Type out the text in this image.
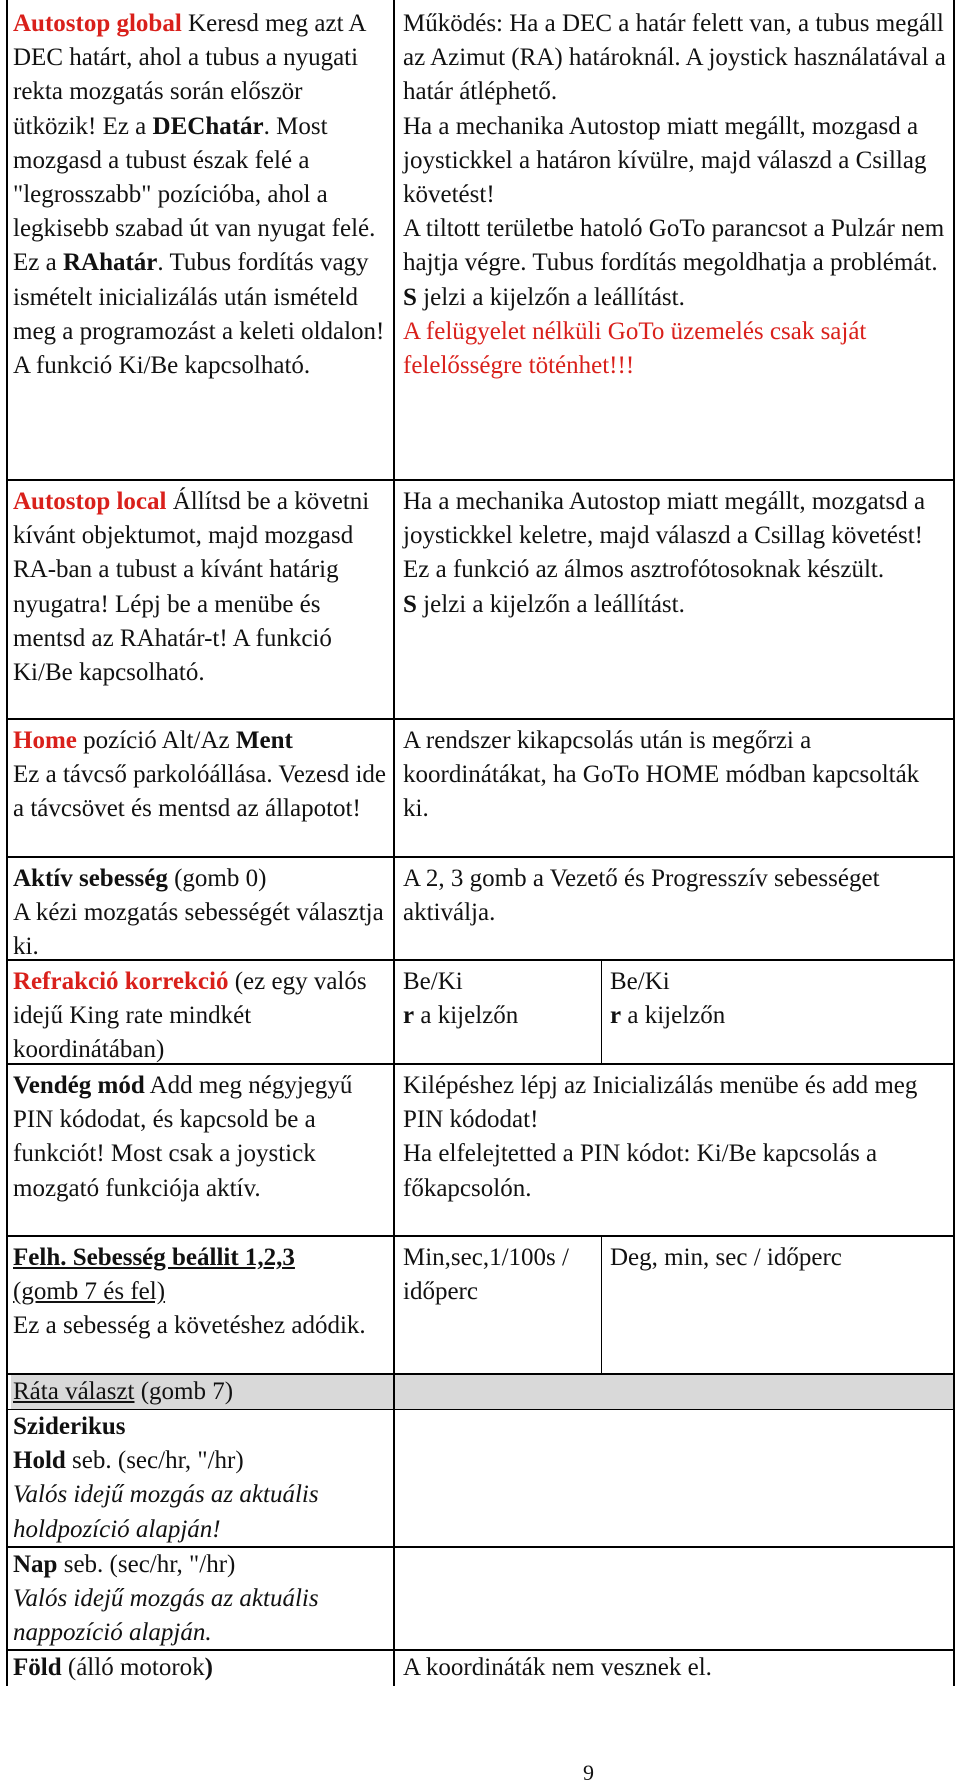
Autostop global Keresd meg azt A DEC határt, ahol a tubus a nyugati rekta mozgatás során először ütközik! Ez a DEChatár. Most mozgasd a tubust észak felé a "legrosszabb" pozícióba, ahol a legkisebb szabad út van nyugat felé. Ez a RAhatár. Tubus fordítás vagy ismételt inicializálás után ismételd meg a programozást a keleti oldalon! A funkció Ki/Be kapcsolható.

Működés: Ha a DEC a határ felett van, a tubus megáll az Azimut (RA) határoknál. A joystick használatával a határ átléphető.

Ha a mechanika Autostop miatt megállt, mozgasd a joystickkel a határon kívülre, majd válaszd a Csillag követést!

A tiltott területbe hatoló GoTo parancsot a Pulzár nem hajtja végre. Tubus fordítás megoldhatja a problémát. S jelzi a kijelzőn a leállítást.

A felügyelet nélküli GoTo üzemelés csak saját felelősségre töténhet!!!

Autostop local Állítsd be a követni kívánt objektumot, majd mozgasd RA-ban a tubust a kívánt határig nyugatra! Lépj be a menübe és mentsd az RAhatár-t! A funkció Ki/Be kapcsolható.

Ha a mechanika Autostop miatt megállt, mozgatsd a joystickkel keletre, majd válaszd a Csillag követést!

Ez a funkció az álmos asztrofótosoknak készült.

S jelzi a kijelzőn a leállítást.

Home pozíció Alt/Az Ment
Ez a távcső parkolóállása. Vezesd ide a távcsövet és mentsd az állapotot!

A rendszer kikapcsolás után is megőrzi a koordinátákat, ha GoTo HOME módban kapcsolták ki.

Aktív sebesség (gomb 0)
A kézi mozgatás sebességét választja ki.

A 2, 3 gomb a Vezető és Progresszív sebességet aktiválja.

Refrakció korrekció (ez egy valós idejű King rate mindkét koordinátában)
Be/Ki
r a kijelzőn
Be/Ki
r a kijelzőn
Vendég mód Add meg négyjegyű PIN kódodat, és kapcsold be a funkciót! Most csak a joystick mozgató funkciója aktív.

Kilépéshez lépj az Inicializálás menübe és add meg PIN kódodat!

Ha elfelejtetted a PIN kódot: Ki/Be kapcsolás a főkapcsolón.

Felh. Sebesség beállit 1,2,3
(gomb 7 és fel)
Ez a sebesség a követéshez adódik.

Min,sec,1/100s / időperc

Deg, min, sec / időperc

Ráta választ (gomb 7)
Sziderikus
Hold seb. (sec/hr, "/hr)
Valós idejű mozgás az aktuális holdpozíció alapján!
Nap seb. (sec/hr, "/hr)
Valós idejű mozgás az aktuális nappozíció alapján.
Föld (álló motorok)	A koordináták nem vesznek el.

9
